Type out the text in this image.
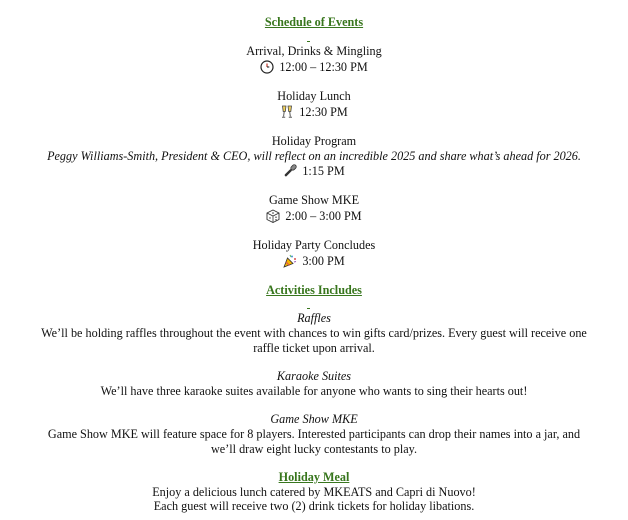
Schedule of Events
Arrival, Drinks & Mingling
12:00 – 12:30 PM
Holiday Lunch
12:30 PM
Holiday Program
Peggy Williams-Smith, President & CEO, will reflect on an incredible 2025 and share what’s ahead for 2026.
1:15 PM
Game Show MKE
2:00 – 3:00 PM
Holiday Party Concludes
3:00 PM
Activities Includes
Raffles
We’ll be holding raffles throughout the event with chances to win gifts card/prizes. Every guest will receive one raffle ticket upon arrival.
Karaoke Suites
We’ll have three karaoke suites available for anyone who wants to sing their hearts out!
Game Show MKE
Game Show MKE will feature space for 8 players. Interested participants can drop their names into a jar, and we’ll draw eight lucky contestants to play.
Holiday Meal
Enjoy a delicious lunch catered by MKEATS and Capri di Nuovo!
Each guest will receive two (2) drink tickets for holiday libations.
